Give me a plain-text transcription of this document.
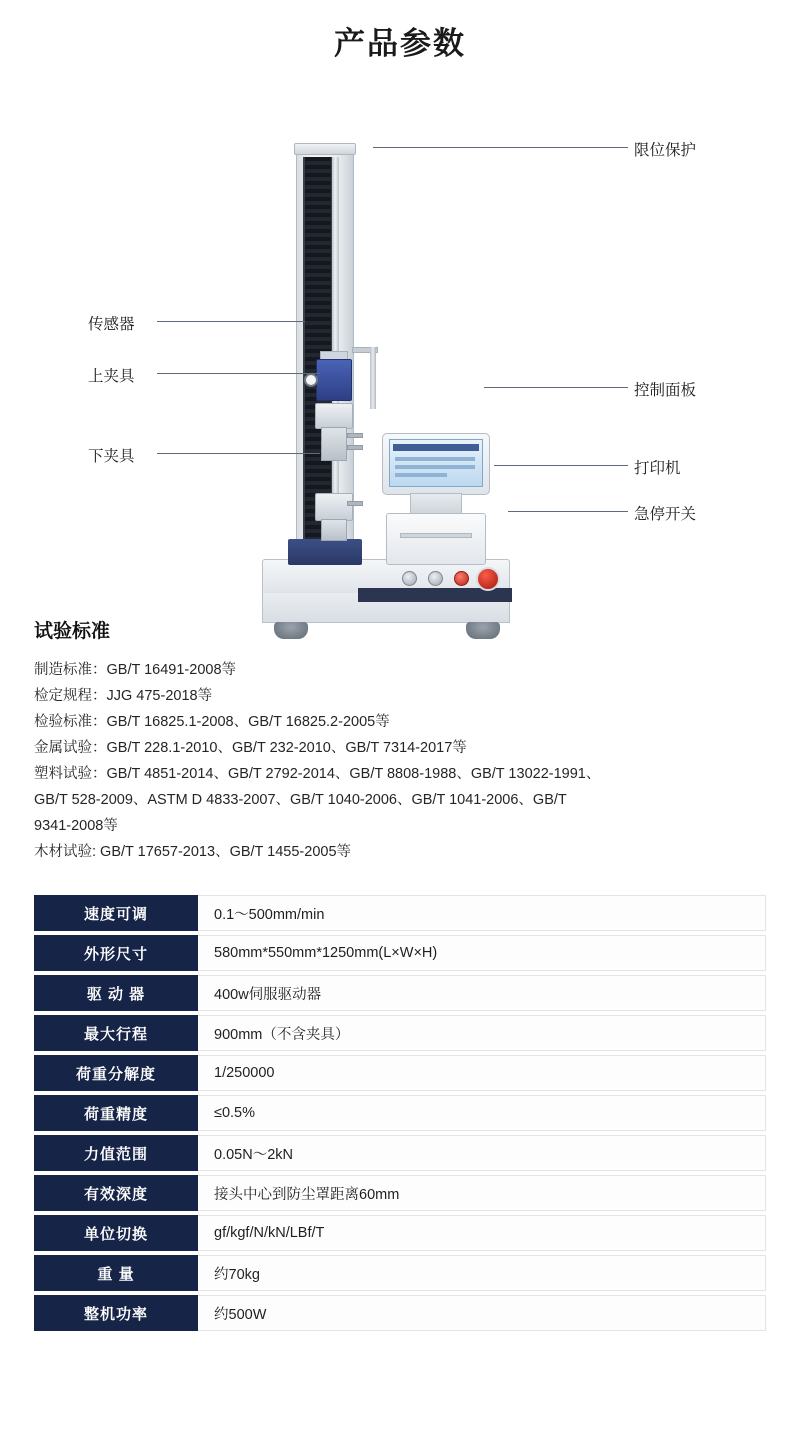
产品参数
限位保护
控制面板
打印机
急停开关
传感器
上夹具
下夹具
试验标准

制造标准：GB/T 16491-2008等

检定规程：JJG 475-2018等

检验标准：GB/T 16825.1-2008、GB/T 16825.2-2005等

金属试验：GB/T 228.1-2010、GB/T 232-2010、GB/T 7314-2017等

塑料试验：GB/T 4851-2014、GB/T 2792-2014、GB/T 8808-1988、GB/T 13022-1991、

GB/T 528-2009、ASTM D 4833-2007、GB/T 1040-2006、GB/T 1041-2006、GB/T

9341-2008等

木材试验: GB/T 17657-2013、GB/T 1455-2005等

速度可调	0.1～500mm/min
外形尺寸	580mm*550mm*1250mm(L×W×H)
驱 动 器	400w伺服驱动器
最大行程	900mm（不含夹具）
荷重分解度	1/250000
荷重精度	≤0.5%
力值范围	0.05N～2kN
有效深度	接头中心到防尘罩距离60mm
单位切换	gf/kgf/N/kN/LBf/T
重 量	约70kg
整机功率	约500W
